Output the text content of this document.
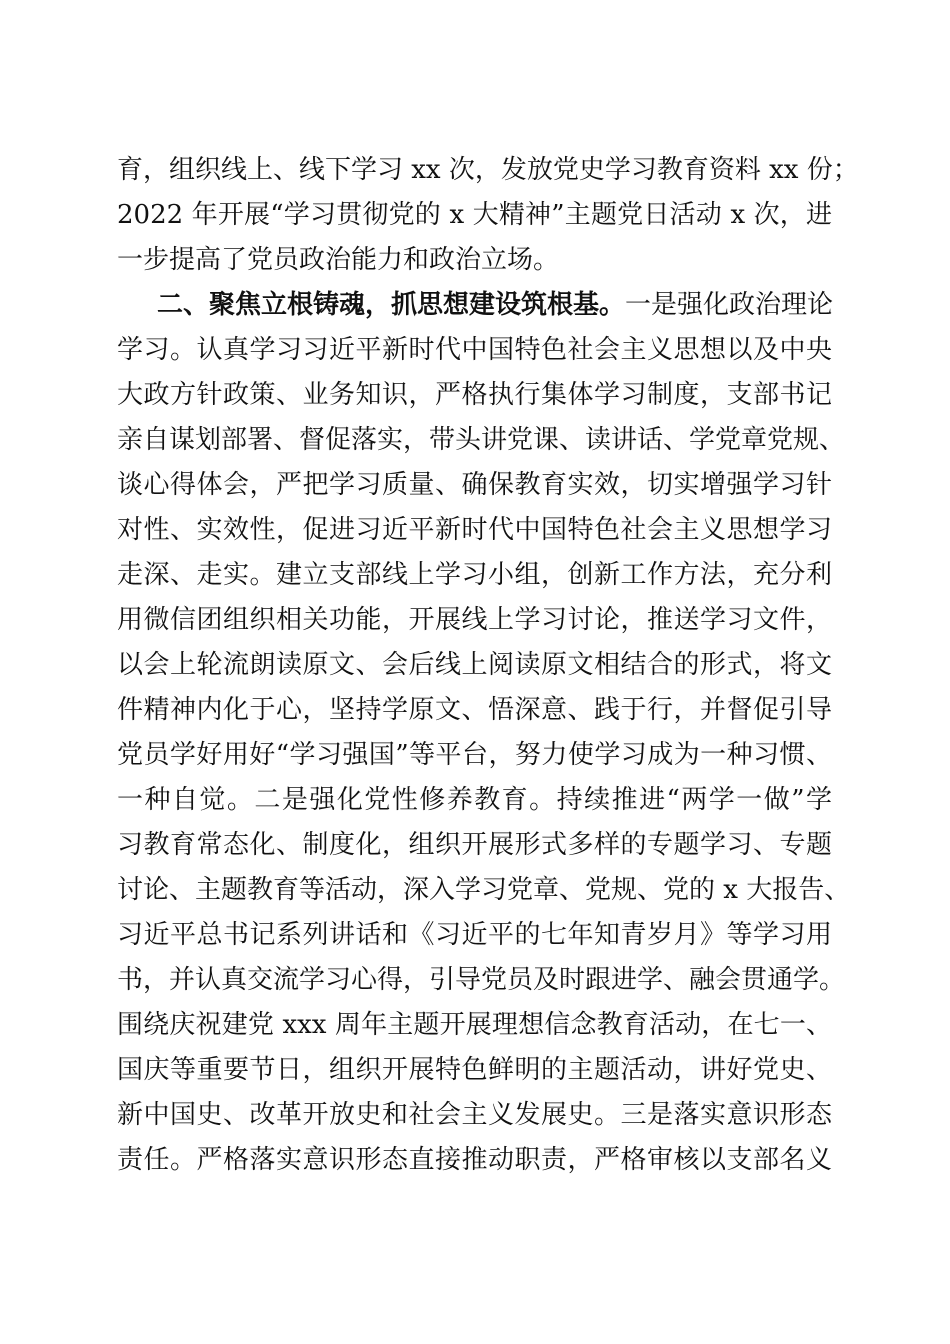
育，组织线上、线下学习 xx 次，发放党史学习教育资料 xx 份；
2022 年开展“学习贯彻党的 x 大精神”主题党日活动 x 次，进
一步提高了党员政治能力和政治立场。
二、聚焦立根铸魂，抓思想建设筑根基。一是强化政治理论
学习。认真学习习近平新时代中国特色社会主义思想以及中央
大政方针政策、业务知识，严格执行集体学习制度，支部书记
亲自谋划部署、督促落实，带头讲党课、读讲话、学党章党规、
谈心得体会，严把学习质量、确保教育实效，切实增强学习针
对性、实效性，促进习近平新时代中国特色社会主义思想学习
走深、走实。建立支部线上学习小组，创新工作方法，充分利
用微信团组织相关功能，开展线上学习讨论，推送学习文件，
以会上轮流朗读原文、会后线上阅读原文相结合的形式，将文
件精神内化于心，坚持学原文、悟深意、践于行，并督促引导
党员学好用好“学习强国”等平台，努力使学习成为一种习惯、
一种自觉。二是强化党性修养教育。持续推进“两学一做”学
习教育常态化、制度化，组织开展形式多样的专题学习、专题
讨论、主题教育等活动，深入学习党章、党规、党的 x 大报告、
习近平总书记系列讲话和《习近平的七年知青岁月》等学习用
书，并认真交流学习心得，引导党员及时跟进学、融会贯通学。
围绕庆祝建党 xxx 周年主题开展理想信念教育活动，在七一、
国庆等重要节日，组织开展特色鲜明的主题活动，讲好党史、
新中国史、改革开放史和社会主义发展史。三是落实意识形态
责任。严格落实意识形态直接推动职责，严格审核以支部名义
